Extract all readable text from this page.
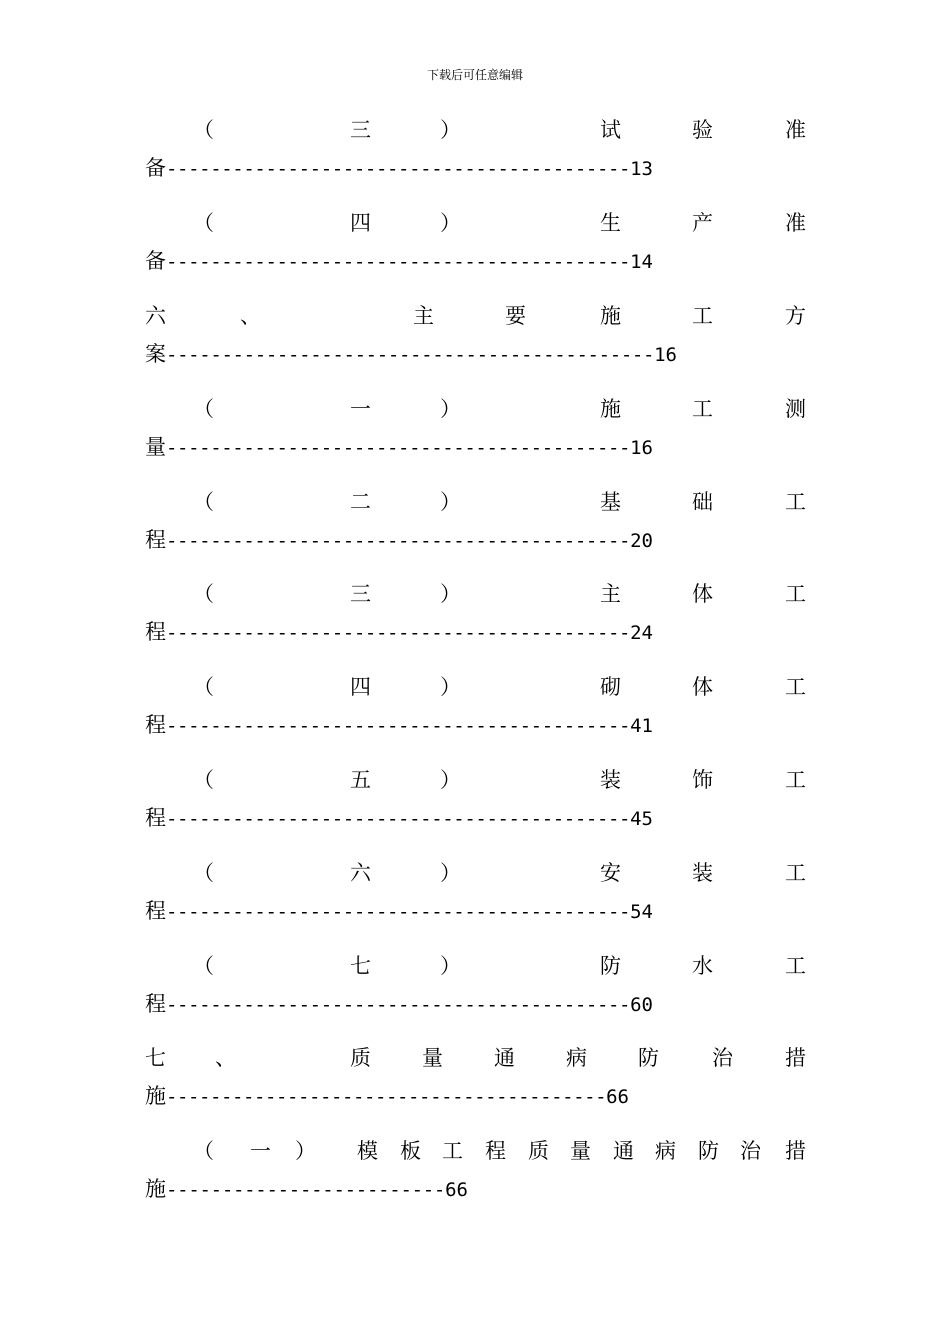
下载后可任意编辑
（	三	）	试	验	准
备------------------------------------------13
（	四	）	生	产	准
备------------------------------------------14
六	、	主	要	施	工	方
案--------------------------------------------16
（	一	）	施	工	测
量------------------------------------------16
（	二	）	基	础	工
程------------------------------------------20
（	三	）	主	体	工
程------------------------------------------24
（	四	）	砌	体	工
程------------------------------------------41
（	五	）	装	饰	工
程------------------------------------------45
（	六	）	安	装	工
程------------------------------------------54
（	七	）	防	水	工
程------------------------------------------60
七 、	质 量 通 病 防	治 措
施----------------------------------------66
（ 一 ） 模 板 工 程 质 量 通 病 防 治 措
施-------------------------66
